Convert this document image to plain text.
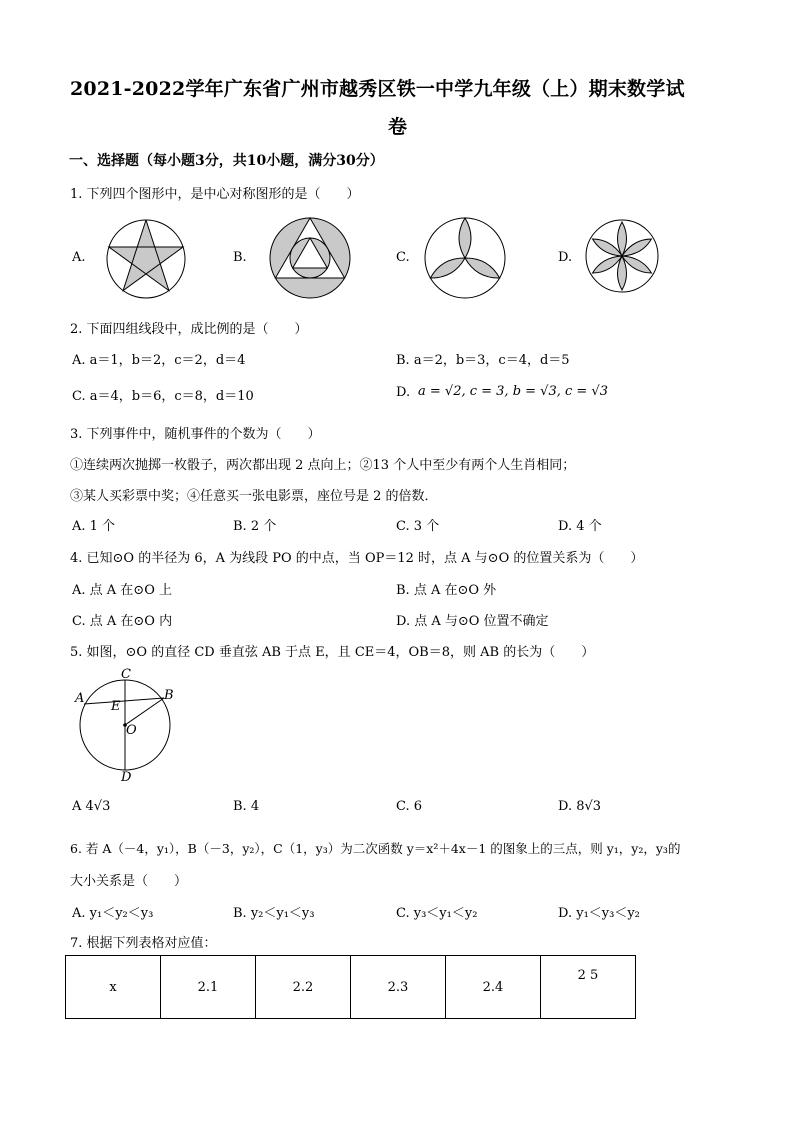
2021-2022学年广东省广州市越秀区铁一中学九年级（上）期末数学试
卷
一、选择题（每小题3分，共10小题，满分30分）
1. 下列四个图形中，是中心对称图形的是（　　）
A.	B.	C.	D.
2. 下面四组线段中，成比例的是（　　）
A. a＝1，b＝2，c＝2，d＝4	B. a＝2，b＝3，c＝4，d＝5
C. a＝4，b＝6，c＝8，d＝10	D. a = √2, c = 3, b = √3, c = √3
3. 下列事件中，随机事件的个数为（　　）
①连续两次抛掷一枚骰子，两次都出现 2 点向上；②13 个人中至少有两个人生肖相同；
③某人买彩票中奖；④任意买一张电影票，座位号是 2 的倍数．
A. 1 个	B. 2 个	C. 3 个	D. 4 个
4. 已知⊙O 的半径为 6，A 为线段 PO 的中点，当 OP＝12 时，点 A 与⊙O 的位置关系为（　　）
A. 点 A 在⊙O 上	B. 点 A 在⊙O 外
C. 点 A 在⊙O 内	D. 点 A 与⊙O 位置不确定
5. 如图，⊙O 的直径 CD 垂直弦 AB 于点 E，且 CE＝4，OB＝8，则 AB 的长为（　　）
C
A	B
E
O
D
A 4√3	B. 4	C. 6	D. 8√3
6. 若 A（－4，y₁），B（－3，y₂），C（1，y₃）为二次函数 y＝x²＋4x－1 的图象上的三点，则 y₁，y₂，y₃的
大小关系是（　　）
A. y₁＜y₂＜y₃	B. y₂＜y₁＜y₃	C. y₃＜y₁＜y₂	D. y₁＜y₃＜y₂
7. 根据下列表格对应值：
x	2.1	2.2	2.3	2.4	2 5
